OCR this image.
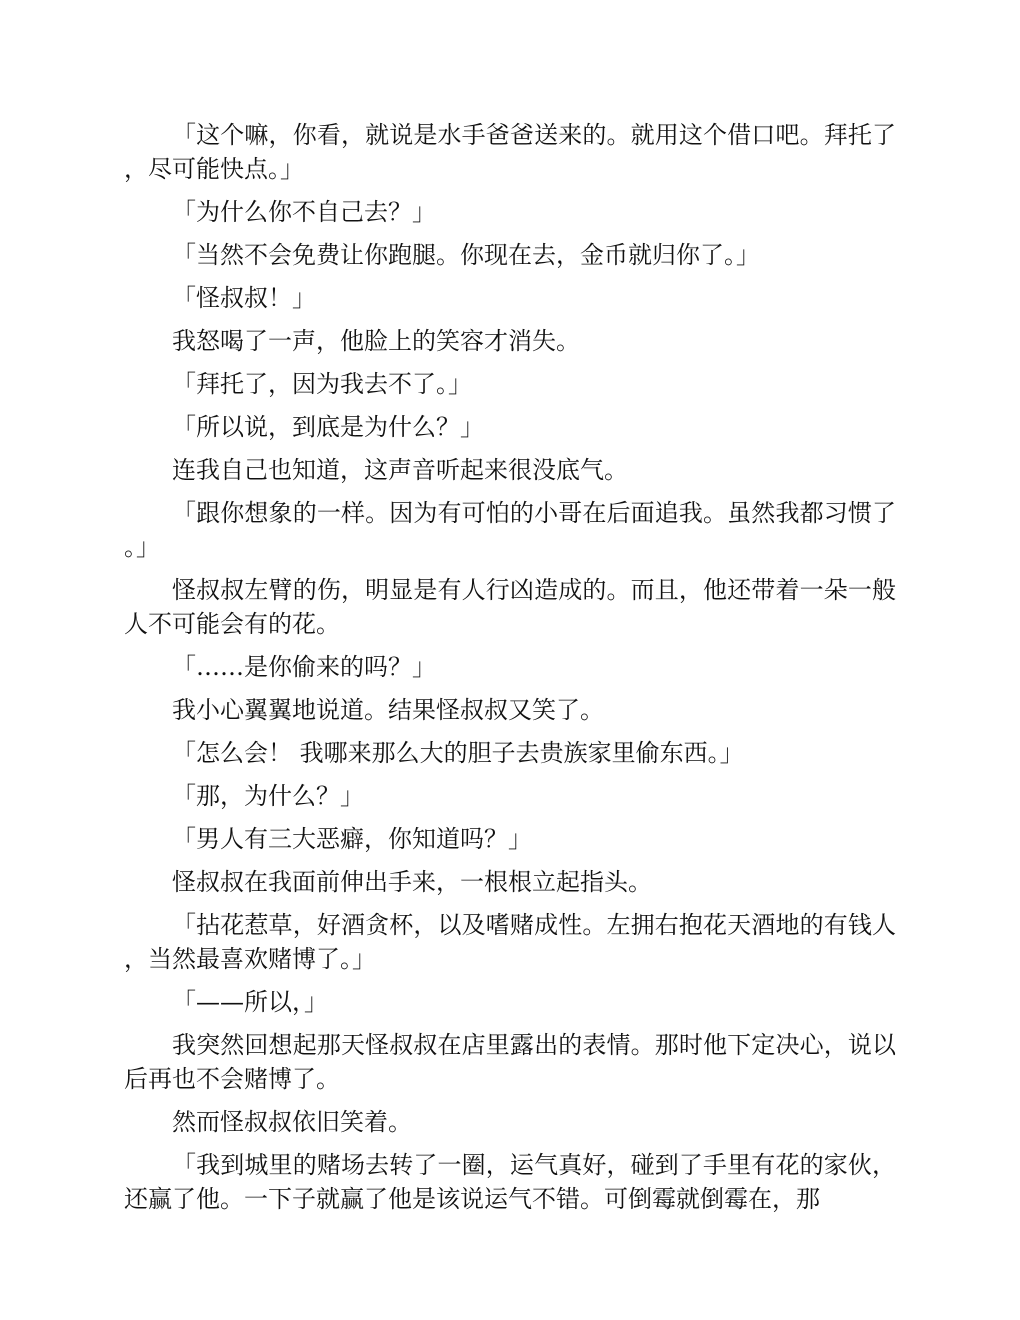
「这个嘛，你看，就说是水手爸爸送来的。就用这个借口吧。拜托了，尽可能快点。」

「为什么你不自己去？」

「当然不会免费让你跑腿。你现在去，金币就归你了。」

「怪叔叔！」

我怒喝了一声，他脸上的笑容才消失。

「拜托了，因为我去不了。」

「所以说，到底是为什么？」

连我自己也知道，这声音听起来很没底气。

「跟你想象的一样。因为有可怕的小哥在后面追我。虽然我都习惯了。」

怪叔叔左臂的伤，明显是有人行凶造成的。而且，他还带着一朵一般人不可能会有的花。

「……是你偷来的吗？」

我小心翼翼地说道。结果怪叔叔又笑了。

「怎么会！ 我哪来那么大的胆子去贵族家里偷东西。」

「那，为什么？」

「男人有三大恶癖，你知道吗？」

怪叔叔在我面前伸出手来，一根根立起指头。

「拈花惹草，好酒贪杯，以及嗜赌成性。左拥右抱花天酒地的有钱人，当然最喜欢赌博了。」

「——所以，」

我突然回想起那天怪叔叔在店里露出的表情。那时他下定决心，说以后再也不会赌博了。

然而怪叔叔依旧笑着。

「我到城里的赌场去转了一圈，运气真好，碰到了手里有花的家伙，还赢了他。一下子就赢了他是该说运气不错。可倒霉就倒霉在，那
